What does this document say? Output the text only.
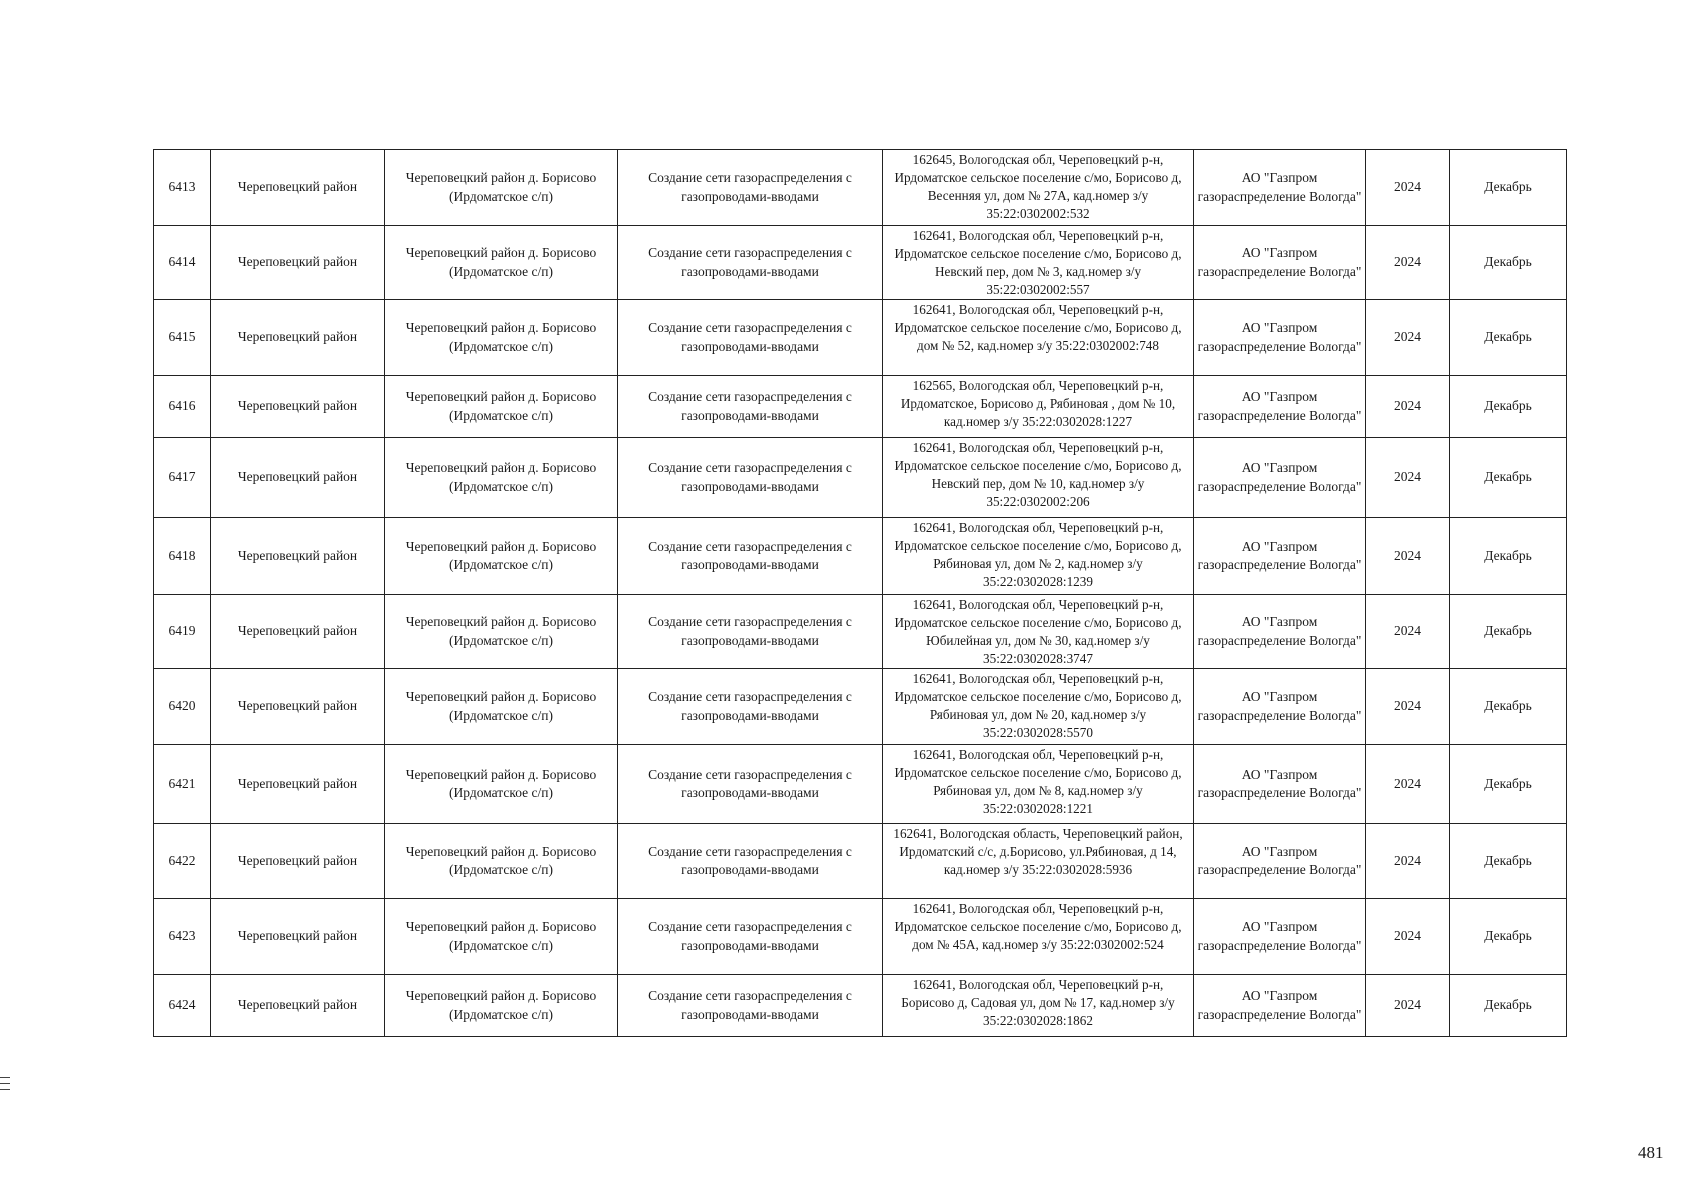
6413	Череповецкий район	Череповецкий район д. Борисово (Ирдоматское с/п)	Создание сети газораспределения с газопроводами-вводами	162645, Вологодская обл, Череповецкий р-н, Ирдоматское сельское поселение с/мо, Борисово д, Весенняя ул, дом № 27А, кад.номер з/у 35:22:0302002:532	АО "Газпром газораспределение Вологда"	2024	Декабрь
6414	Череповецкий район	Череповецкий район д. Борисово (Ирдоматское с/п)	Создание сети газораспределения с газопроводами-вводами	162641, Вологодская обл, Череповецкий р-н, Ирдоматское сельское поселение с/мо, Борисово д, Невский пер, дом № 3, кад.номер з/у 35:22:0302002:557	АО "Газпром газораспределение Вологда"	2024	Декабрь
6415	Череповецкий район	Череповецкий район д. Борисово (Ирдоматское с/п)	Создание сети газораспределения с газопроводами-вводами	162641, Вологодская обл, Череповецкий р-н, Ирдоматское сельское поселение с/мо, Борисово д, дом № 52, кад.номер з/у 35:22:0302002:748	АО "Газпром газораспределение Вологда"	2024	Декабрь
6416	Череповецкий район	Череповецкий район д. Борисово (Ирдоматское с/п)	Создание сети газораспределения с газопроводами-вводами	162565, Вологодская обл, Череповецкий р-н, Ирдоматское, Борисово д, Рябиновая , дом № 10, кад.номер з/у 35:22:0302028:1227	АО "Газпром газораспределение Вологда"	2024	Декабрь
6417	Череповецкий район	Череповецкий район д. Борисово (Ирдоматское с/п)	Создание сети газораспределения с газопроводами-вводами	162641, Вологодская обл, Череповецкий р-н, Ирдоматское сельское поселение с/мо, Борисово д, Невский пер, дом № 10, кад.номер з/у 35:22:0302002:206	АО "Газпром газораспределение Вологда"	2024	Декабрь
6418	Череповецкий район	Череповецкий район д. Борисово (Ирдоматское с/п)	Создание сети газораспределения с газопроводами-вводами	162641, Вологодская обл, Череповецкий р-н, Ирдоматское сельское поселение с/мо, Борисово д, Рябиновая ул, дом № 2, кад.номер з/у 35:22:0302028:1239	АО "Газпром газораспределение Вологда"	2024	Декабрь
6419	Череповецкий район	Череповецкий район д. Борисово (Ирдоматское с/п)	Создание сети газораспределения с газопроводами-вводами	162641, Вологодская обл, Череповецкий р-н, Ирдоматское сельское поселение с/мо, Борисово д, Юбилейная ул, дом № 30, кад.номер з/у 35:22:0302028:3747	АО "Газпром газораспределение Вологда"	2024	Декабрь
6420	Череповецкий район	Череповецкий район д. Борисово (Ирдоматское с/п)	Создание сети газораспределения с газопроводами-вводами	162641, Вологодская обл, Череповецкий р-н, Ирдоматское сельское поселение с/мо, Борисово д, Рябиновая ул, дом № 20, кад.номер з/у 35:22:0302028:5570	АО "Газпром газораспределение Вологда"	2024	Декабрь
6421	Череповецкий район	Череповецкий район д. Борисово (Ирдоматское с/п)	Создание сети газораспределения с газопроводами-вводами	162641, Вологодская обл, Череповецкий р-н, Ирдоматское сельское поселение с/мо, Борисово д, Рябиновая ул, дом № 8, кад.номер з/у 35:22:0302028:1221	АО "Газпром газораспределение Вологда"	2024	Декабрь
6422	Череповецкий район	Череповецкий район д. Борисово (Ирдоматское с/п)	Создание сети газораспределения с газопроводами-вводами	162641, Вологодская область, Череповецкий район, Ирдоматский с/с, д.Борисово, ул.Рябиновая, д 14, кад.номер з/у 35:22:0302028:5936	АО "Газпром газораспределение Вологда"	2024	Декабрь
6423	Череповецкий район	Череповецкий район д. Борисово (Ирдоматское с/п)	Создание сети газораспределения с газопроводами-вводами	162641, Вологодская обл, Череповецкий р-н, Ирдоматское сельское поселение с/мо, Борисово д, дом № 45А, кад.номер з/у 35:22:0302002:524	АО "Газпром газораспределение Вологда"	2024	Декабрь
6424	Череповецкий район	Череповецкий район д. Борисово (Ирдоматское с/п)	Создание сети газораспределения с газопроводами-вводами	162641, Вологодская обл, Череповецкий р-н, Борисово д, Садовая ул, дом № 17, кад.номер з/у 35:22:0302028:1862	АО "Газпром газораспределение Вологда"	2024	Декабрь
481
